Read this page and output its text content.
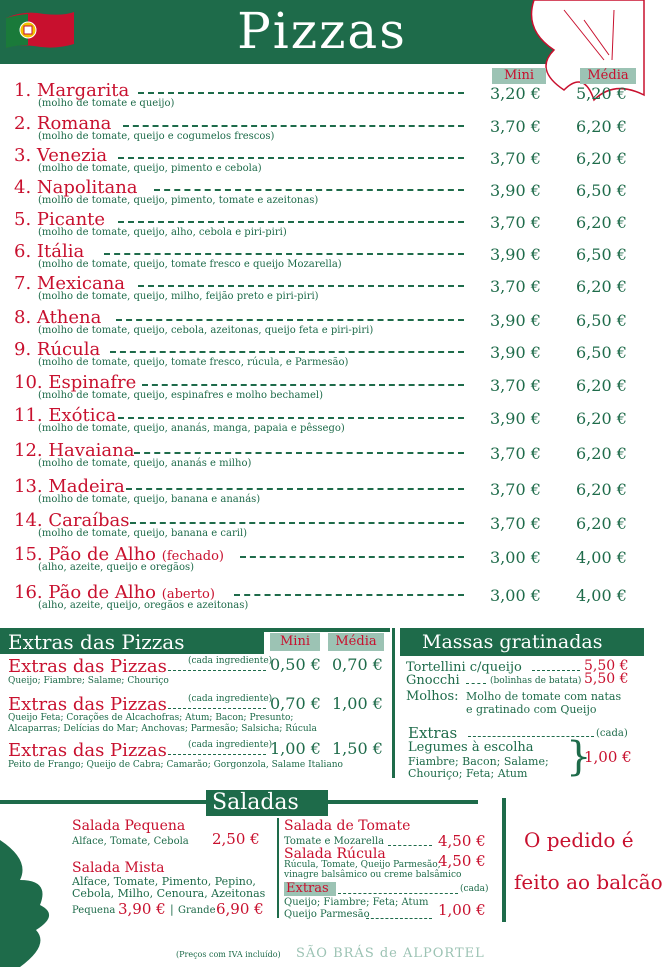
Pizzas
Mini	Média
1. Margarita
(molho de tomate e queijo)
3,20 € 5,20 €
2. Romana
(molho de tomate, queijo e cogumelos frescos)
3,70 € 6,20 €
3. Venezia
(molho de tomate, queijo, pimento e cebola)
3,70 € 6,20 €
4. Napolitana
(molho de tomate, queijo, pimento, tomate e azeitonas)
3,90 € 6,50 €
5. Picante
(molho de tomate, queijo, alho, cebola e piri-piri)
3,70 € 6,20 €
6. Itália
(molho de tomate, queijo, tomate fresco e queijo Mozarella)
3,90 € 6,50 €
7. Mexicana
(molho de tomate, queijo, milho, feijão preto e piri-piri)
3,70 € 6,20 €
8. Athena
(molho de tomate, queijo, cebola, azeitonas, queijo feta e piri-piri)
3,90 € 6,50 €
9. Rúcula
(molho de tomate, queijo, tomate fresco, rúcula, e Parmesão)
3,90 € 6,50 €
10. Espinafre
(molho de tomate, queijo, espinafres e molho bechamel)
3,70 € 6,20 €
11. Exótica
(molho de tomate, queijo, ananás, manga, papaia e pêssego)
3,90 € 6,20 €
12. Havaiana
(molho de tomate, queijo, ananás e milho)
3,70 € 6,20 €
13. Madeira
(molho de tomate, queijo, banana e ananás)
3,70 € 6,20 €
14. Caraíbas
(molho de tomate, queijo, banana e caril)
3,70 € 6,20 €
15. Pão de Alho (fechado)
(alho, azeite, queijo e oregãos)
3,00 € 4,00 €
16. Pão de Alho (aberto)
(alho, azeite, queijo, oregãos e azeitonas)
3,00 € 4,00 €
Extras das Pizzas	Mini	Média
Extras das Pizzas (cada ingrediente)
Queijo; Fiambre; Salame; Chouriço
0,50 € 0,70 €
Extras das Pizzas (cada ingrediente)
Queijo Feta; Corações de Alcachofras; Atum; Bacon; Presunto;
Alcaparras; Delícias do Mar; Anchovas; Parmesão; Salsicha; Rúcula
0,70 € 1,00 €
Extras das Pizzas (cada ingrediente)
Peito de Frango; Queijo de Cabra; Camarão; Gorgonzola, Salame Italiano
1,00 € 1,50 €
Massas gratinadas
Tortellini c/queijo	5,50 €
Gnocchi	(bolinhas de batata) 5,50 €
Molhos: Molho de tomate com natas
e gratinado com Queijo
Extras	(cada)
Legumes à escolha
Fiambre; Bacon; Salame;
Chouriço; Feta; Atum }
1,00 €
Saladas
Salada Pequena
Alface, Tomate, Cebola 2,50 €
Salada Mista
Alface, Tomate, Pimento, Pepino,
Cebola, Milho, Cenoura, Azeitonas
Pequena 3,90 € | Grande 6,90 €
Salada de Tomate
Tomate e Mozarella	4,50 €
Salada Rúcula
Rúcula, Tomate, Queijo Parmesão,
vinagre balsâmico ou creme balsâmico
4,50 €
Extras	(cada)
Queijo; Fiambre; Feta; Atum
Queijo Parmesão	1,00 €
O pedido é
feito ao balcão
(Preços com IVA incluído) SÃO BRÁS de ALPORTEL
